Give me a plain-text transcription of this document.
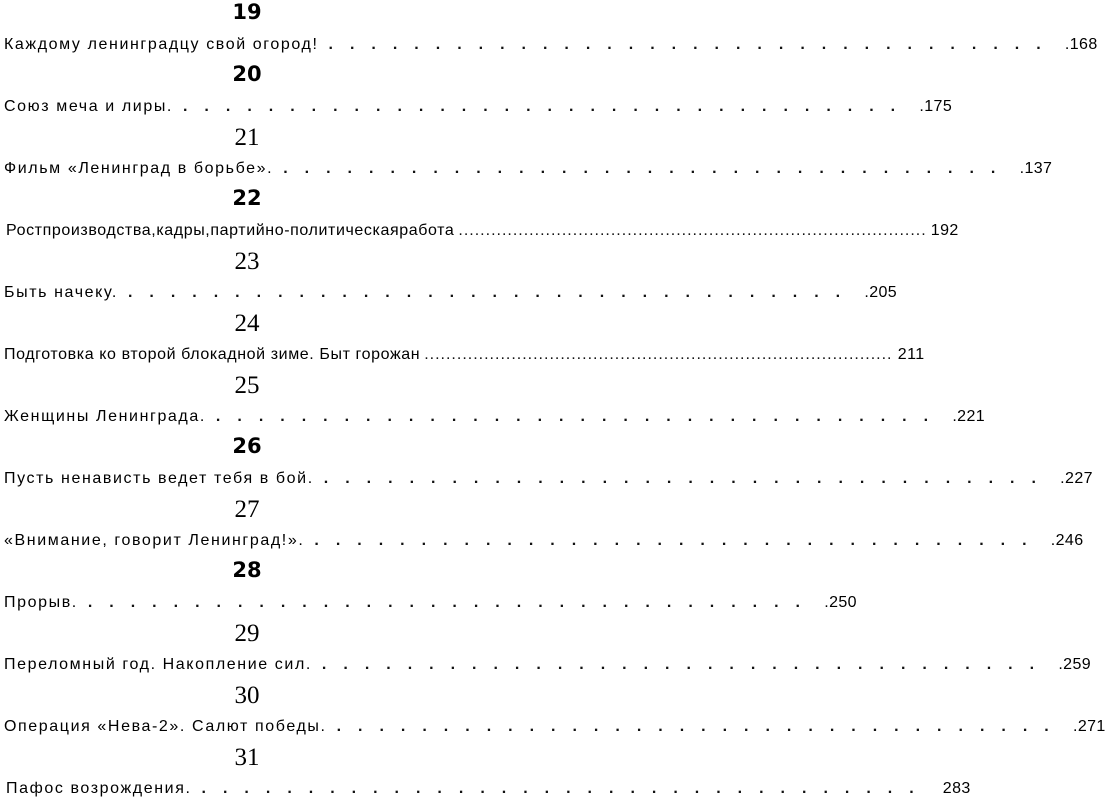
19
Каждому ленинградцу свой огород! .................................. .168
20
Союз меча и лиры. .................................. .175
21
Фильм «Ленинград в борьбе». .................................. .137
22
Ростпроизводства,кадры,партийно-политическаяработа ...................................................................................... 192
23
Быть начеку. .................................. .205
24
Подготовка ко второй блокадной зиме. Быт горожан ...................................................................................... 211
25
Женщины Ленинграда. .................................. .221
26
Пусть ненависть ведет тебя в бой. .................................. .227
27
«Внимание, говорит Ленинград!». .................................. .246
28
Прорыв. .................................. .250
29
Переломный год. Накопление сил. .................................. .259
30
Операция «Нева-2». Салют победы. .................................. .271
31
Пафос возрождения. .................................. 283
